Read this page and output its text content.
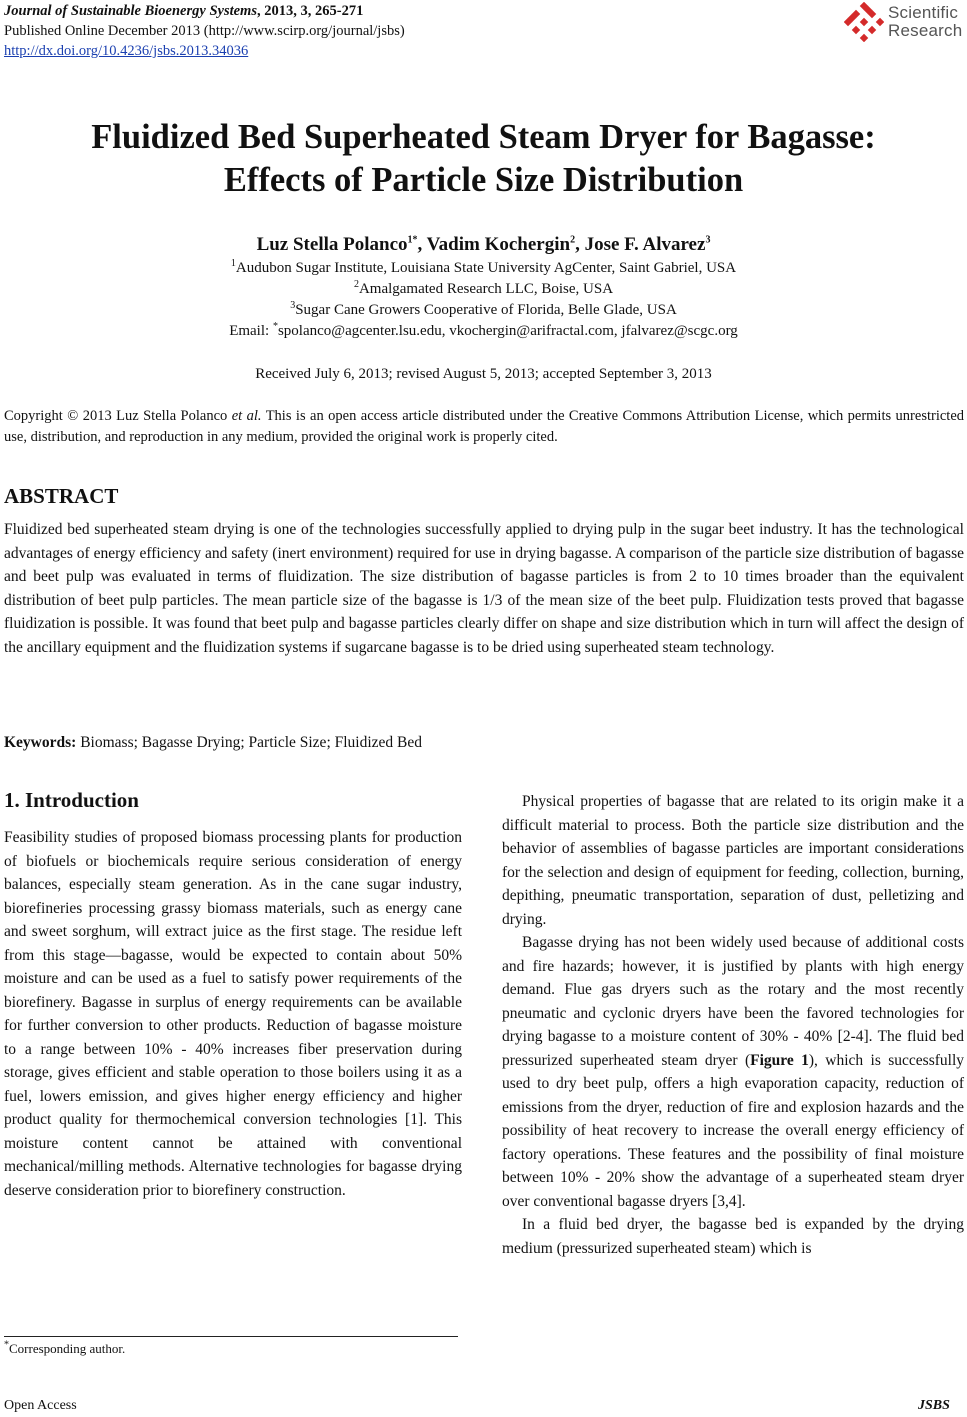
Journal of Sustainable Bioenergy Systems, 2013, 3, 265-271
Published Online December 2013 (http://www.scirp.org/journal/jsbs)
http://dx.doi.org/10.4236/jsbs.2013.34036
Scientific
Research
Fluidized Bed Superheated Steam Dryer for Bagasse:
Effects of Particle Size Distribution
Luz Stella Polanco$^{1*}$, Vadim Kochergin$^2$, Jose F. Alvarez$^3$
$^1$Audubon Sugar Institute, Louisiana State University AgCenter, Saint Gabriel, USA
$^2$Amalgamated Research LLC, Boise, USA
$^3$Sugar Cane Growers Cooperative of Florida, Belle Glade, USA
Email: *spolanco@agcenter.lsu.edu, vkochergin@arifractal.com, jfalvarez@scgc.org
Received July 6, 2013; revised August 5, 2013; accepted September 3, 2013
Copyright © 2013 Luz Stella Polanco et al. This is an open access article distributed under the Creative Commons Attribution License, which permits unrestricted use, distribution, and reproduction in any medium, provided the original work is properly cited.
ABSTRACT
Fluidized bed superheated steam drying is one of the technologies successfully applied to drying pulp in the sugar beet industry. It has the technological advantages of energy efficiency and safety (inert environment) required for use in drying bagasse. A comparison of the particle size distribution of bagasse and beet pulp was evaluated in terms of fluidization. The size distribution of bagasse particles is from 2 to 10 times broader than the equivalent distribution of beet pulp particles. The mean particle size of the bagasse is 1/3 of the mean size of the beet pulp. Fluidization tests proved that bagasse fluidization is possible. It was found that beet pulp and bagasse particles clearly differ on shape and size distribution which in turn will affect the design of the ancillary equipment and the fluidization systems if sugarcane bagasse is to be dried using superheated steam technology.
Keywords: Biomass; Bagasse Drying; Particle Size; Fluidized Bed
1. Introduction

Feasibility studies of proposed biomass processing plants for production of biofuels or biochemicals require serious consideration of energy balances, especially steam generation. As in the cane sugar industry, biorefineries processing grassy biomass materials, such as energy cane and sweet sorghum, will extract juice as the first stage. The residue left from this stage—bagasse, would be expected to contain about 50% moisture and can be used as a fuel to satisfy power requirements of the biorefinery. Bagasse in surplus of energy requirements can be available for further conversion to other products. Reduction of bagasse moisture to a range between 10% - 40% increases fiber preservation during storage, gives efficient and stable operation to those boilers using it as a fuel, lowers emission, and gives higher energy efficiency and higher product quality for thermochemical conversion technologies [1]. This moisture content cannot be attained with conventional mechanical/milling methods. Alternative technologies for bagasse drying deserve consideration prior to biorefinery construction.

Physical properties of bagasse that are related to its origin make it a difficult material to process. Both the particle size distribution and the behavior of assemblies of bagasse particles are important considerations for the selection and design of equipment for feeding, collection, burning, depithing, pneumatic transportation, separation of dust, pelletizing and drying.

Bagasse drying has not been widely used because of additional costs and fire hazards; however, it is justified by plants with high energy demand. Flue gas dryers such as the rotary and the most recently pneumatic and cyclonic dryers have been the favored technologies for drying bagasse to a moisture content of 30% - 40% [2-4]. The fluid bed pressurized superheated steam dryer (Figure 1), which is successfully used to dry beet pulp, offers a high evaporation capacity, reduction of emissions from the dryer, reduction of fire and explosion hazards and the possibility of heat recovery to increase the overall energy efficiency of factory operations. These features and the possibility of final moisture between 10% - 20% show the advantage of a superheated steam dryer over conventional bagasse dryers [3,4].

In a fluid bed dryer, the bagasse bed is expanded by the drying medium (pressurized superheated steam) which is

*Corresponding author.
Open Access	JSBS
